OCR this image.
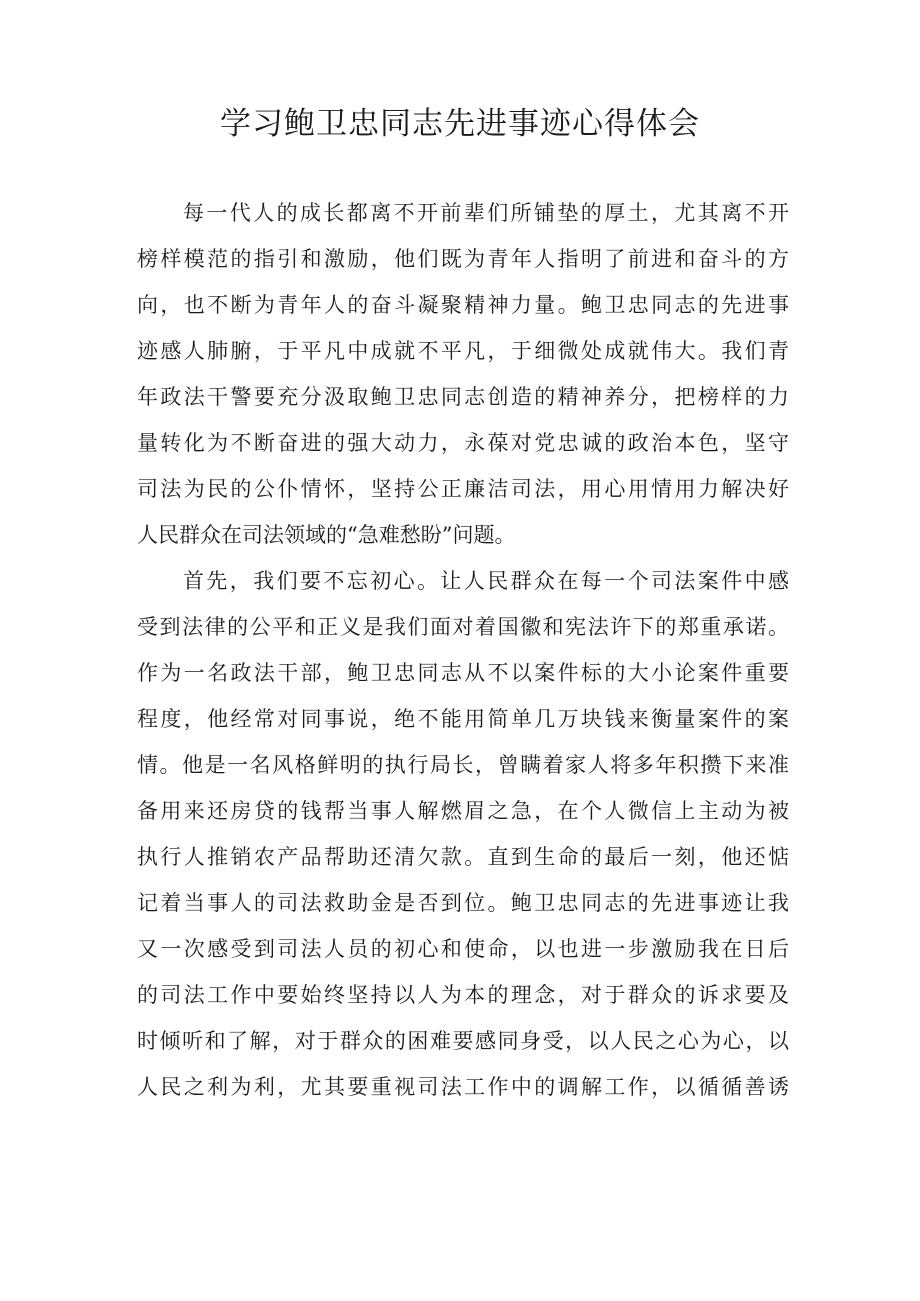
学习鲍卫忠同志先进事迹心得体会
每一代人的成长都离不开前辈们所铺垫的厚土，尤其离不开
榜样模范的指引和激励，他们既为青年人指明了前进和奋斗的方
向，也不断为青年人的奋斗凝聚精神力量。鲍卫忠同志的先进事
迹感人肺腑，于平凡中成就不平凡，于细微处成就伟大。我们青
年政法干警要充分汲取鲍卫忠同志创造的精神养分，把榜样的力
量转化为不断奋进的强大动力，永葆对党忠诚的政治本色，坚守
司法为民的公仆情怀，坚持公正廉洁司法，用心用情用力解决好
人民群众在司法领域的“急难愁盼”问题。
首先，我们要不忘初心。让人民群众在每一个司法案件中感
受到法律的公平和正义是我们面对着国徽和宪法许下的郑重承诺。
作为一名政法干部，鲍卫忠同志从不以案件标的大小论案件重要
程度，他经常对同事说，绝不能用简单几万块钱来衡量案件的案
情。他是一名风格鲜明的执行局长，曾瞒着家人将多年积攒下来准
备用来还房贷的钱帮当事人解燃眉之急，在个人微信上主动为被
执行人推销农产品帮助还清欠款。直到生命的最后一刻，他还惦
记着当事人的司法救助金是否到位。鲍卫忠同志的先进事迹让我
又一次感受到司法人员的初心和使命，以也进一步激励我在日后
的司法工作中要始终坚持以人为本的理念，对于群众的诉求要及
时倾听和了解，对于群众的困难要感同身受，以人民之心为心，以
人民之利为利，尤其要重视司法工作中的调解工作，以循循善诱
